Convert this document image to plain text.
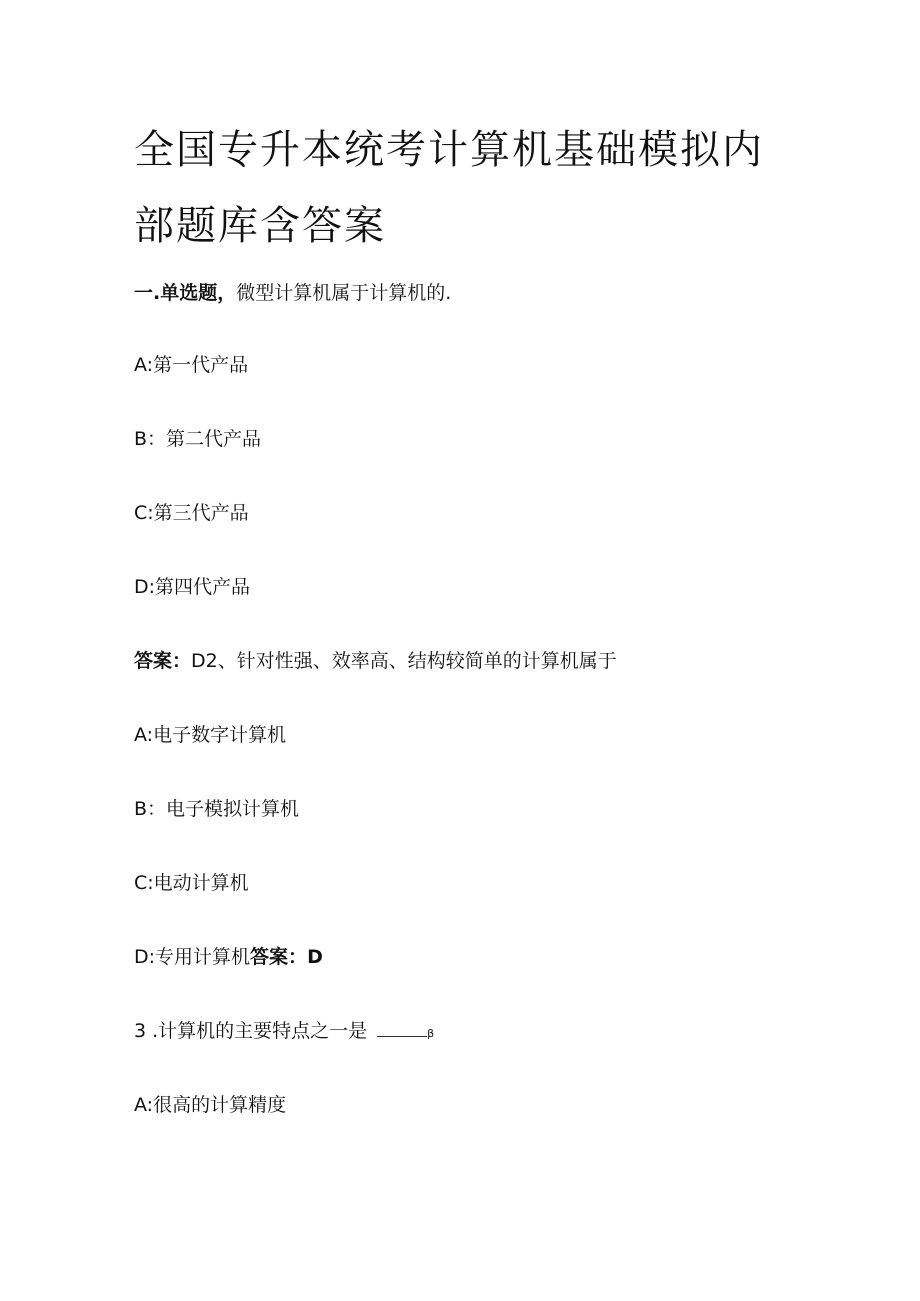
全国专升本统考计算机基础模拟内
部题库含答案
一.单选题，微型计算机属于计算机的.
A:第一代产品
B：第二代产品
C:第三代产品
D:第四代产品
答案：D2、针对性强、效率高、结构较简单的计算机属于
A:电子数字计算机
B：电子模拟计算机
C:电动计算机
D:专用计算机答案：D
3 .计算机的主要特点之一是	β
A:很高的计算精度
